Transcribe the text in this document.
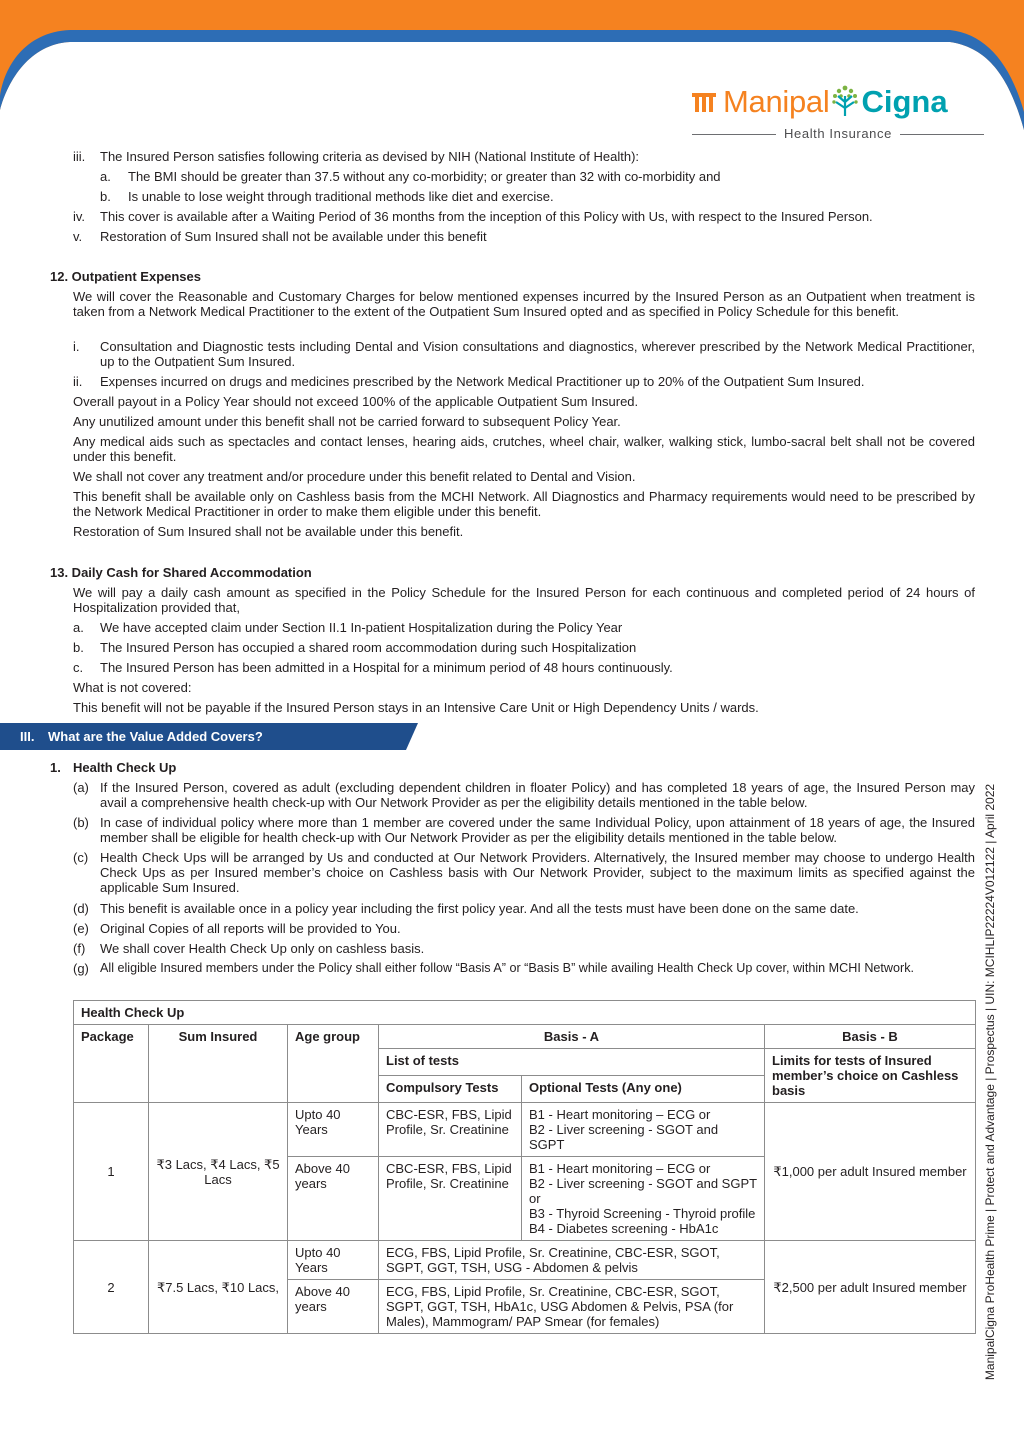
Manipal Cigna
Health Insurance
ManipalCigna ProHealth Prime | Protect and Advantage | Prospectus | UIN: MCIHLIP22224V012122 | April 2022
iii. The Insured Person satisfies following criteria as devised by NIH (National Institute of Health):
a. The BMI should be greater than 37.5 without any co-morbidity; or greater than 32 with co-morbidity and
b. Is unable to lose weight through traditional methods like diet and exercise.
iv. This cover is available after a Waiting Period of 36 months from the inception of this Policy with Us, with respect to the Insured Person.
v. Restoration of Sum Insured shall not be available under this benefit
12. Outpatient Expenses
We will cover the Reasonable and Customary Charges for below mentioned expenses incurred by the Insured Person as an Outpatient when treatment is taken from a Network Medical Practitioner to the extent of the Outpatient Sum Insured opted and as specified in Policy Schedule for this benefit.
i. Consultation and Diagnostic tests including Dental and Vision consultations and diagnostics, wherever prescribed by the Network Medical Practitioner, up to the Outpatient Sum Insured.
ii. Expenses incurred on drugs and medicines prescribed by the Network Medical Practitioner up to 20% of the Outpatient Sum Insured.
Overall payout in a Policy Year should not exceed 100% of the applicable Outpatient Sum Insured.
Any unutilized amount under this benefit shall not be carried forward to subsequent Policy Year.
Any medical aids such as spectacles and contact lenses, hearing aids, crutches, wheel chair, walker, walking stick, lumbo-sacral belt shall not be covered under this benefit.
We shall not cover any treatment and/or procedure under this benefit related to Dental and Vision.
This benefit shall be available only on Cashless basis from the MCHI Network. All Diagnostics and Pharmacy requirements would need to be prescribed by the Network Medical Practitioner in order to make them eligible under this benefit.
Restoration of Sum Insured shall not be available under this benefit.
13. Daily Cash for Shared Accommodation
We will pay a daily cash amount as specified in the Policy Schedule for the Insured Person for each continuous and completed period of 24 hours of Hospitalization provided that,
a. We have accepted claim under Section II.1 In-patient Hospitalization during the Policy Year
b. The Insured Person has occupied a shared room accommodation during such Hospitalization
c. The Insured Person has been admitted in a Hospital for a minimum period of 48 hours continuously.
What is not covered:
This benefit will not be payable if the Insured Person stays in an Intensive Care Unit or High Dependency Units / wards.
III. What are the Value Added Covers?
1. Health Check Up
(a) If the Insured Person, covered as adult (excluding dependent children in floater Policy) and has completed 18 years of age, the Insured Person may avail a comprehensive health check-up with Our Network Provider as per the eligibility details mentioned in the table below.
(b) In case of individual policy where more than 1 member are covered under the same Individual Policy, upon attainment of 18 years of age, the Insured member shall be eligible for health check-up with Our Network Provider as per the eligibility details mentioned in the table below.
(c) Health Check Ups will be arranged by Us and conducted at Our Network Providers. Alternatively, the Insured member may choose to undergo Health Check Ups as per Insured member’s choice on Cashless basis with Our Network Provider, subject to the maximum limits as specified against the applicable Sum Insured.
(d) This benefit is available once in a policy year including the first policy year. And all the tests must have been done on the same date.
(e) Original Copies of all reports will be provided to You.
(f) We shall cover Health Check Up only on cashless basis.
(g) All eligible Insured members under the Policy shall either follow “Basis A” or “Basis B” while availing Health Check Up cover, within MCHI Network.
Health Check Up					
Package	Sum Insured	Age group	Basis - A		Basis - B
			List of tests		Limits for tests of Insured member’s choice on Cashless basis
			Compulsory Tests	Optional Tests (Any one)	
1	₹3 Lacs, ₹4 Lacs, ₹5 Lacs	Upto 40 Years	CBC-ESR, FBS, Lipid Profile, Sr. Creatinine	B1 - Heart monitoring – ECG or
B2 - Liver screening - SGOT and SGPT	₹1,000 per adult Insured member
		Above 40 years	CBC-ESR, FBS, Lipid Profile, Sr. Creatinine	B1 - Heart monitoring – ECG or
B2 - Liver screening - SGOT and SGPT or
B3 - Thyroid Screening - Thyroid profile
B4 - Diabetes screening - HbA1c	

2	₹7.5 Lacs, ₹10 Lacs,	Upto 40 Years	ECG, FBS, Lipid Profile, Sr. Creatinine, CBC-ESR, SGOT, SGPT, GGT, TSH, USG - Abdomen & pelvis		₹2,500 per adult Insured member
		Above 40 years	ECG, FBS, Lipid Profile, Sr. Creatinine, CBC-ESR, SGOT, SGPT, GGT, TSH, HbA1c, USG Abdomen & Pelvis, PSA (for Males), Mammogram/ PAP Smear (for females)		
